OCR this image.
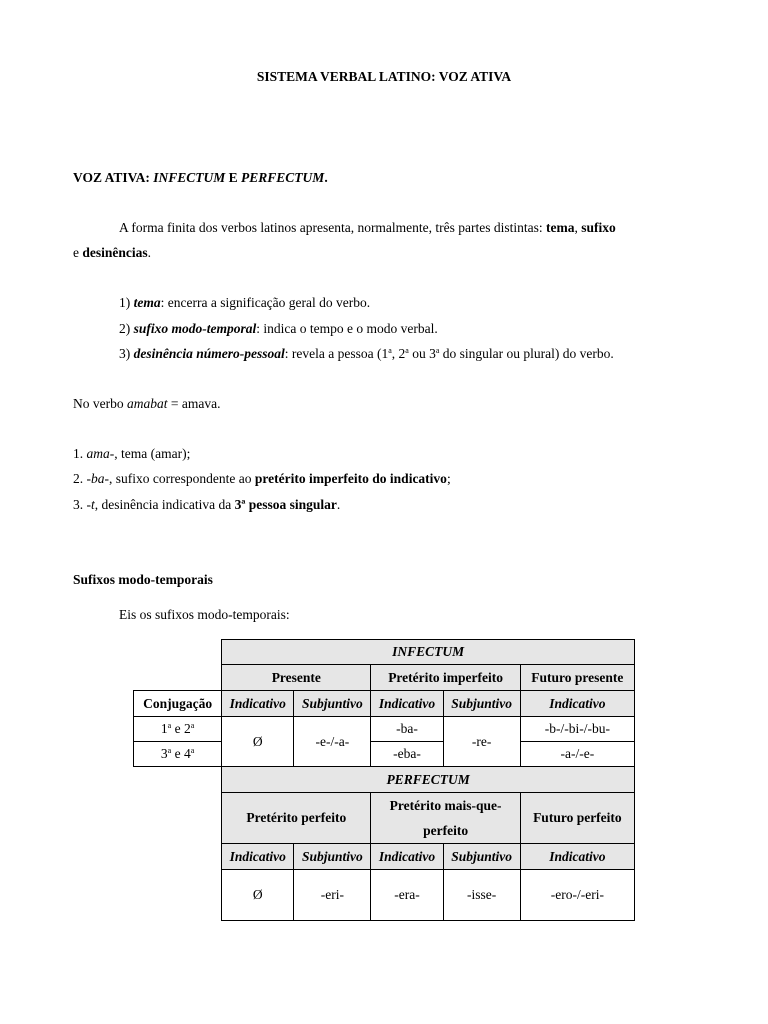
SISTEMA VERBAL LATINO: VOZ ATIVA
VOZ ATIVA: INFECTUM E PERFECTUM.
A forma finita dos verbos latinos apresenta, normalmente, três partes distintas: tema, sufixo
e desinências.
1) tema: encerra a significação geral do verbo.
2) sufixo modo-temporal: indica o tempo e o modo verbal.
3) desinência número-pessoal: revela a pessoa (1$^a$, 2$^a$ ou 3$^a$ do singular ou plural) do verbo.
No verbo amabat = amava.
1. ama-, tema (amar);
2. -ba-, sufixo correspondente ao pretérito imperfeito do indicativo;
3. -t, desinência indicativa da 3ª pessoa singular.
Sufixos modo-temporais
Eis os sufixos modo-temporais:
	INFECTUM				
	Presente		Pretérito imperfeito		Futuro presente
Conjugação	Indicativo	Subjuntivo	Indicativo	Subjuntivo	Indicativo
1$^a$ e 2$^a$	Ø	-e-/-a-	-ba-	-re-	-b-/-bi-/-bu-
3$^a$ e 4$^a$			-eba-		-a-/-e-
	PERFECTUM				
	Pretérito perfeito		Pretérito mais-que-perfeito		Futuro perfeito
	Indicativo	Subjuntivo	Indicativo	Subjuntivo	Indicativo
	Ø	-eri-	-era-	-isse-	-ero-/-eri-
